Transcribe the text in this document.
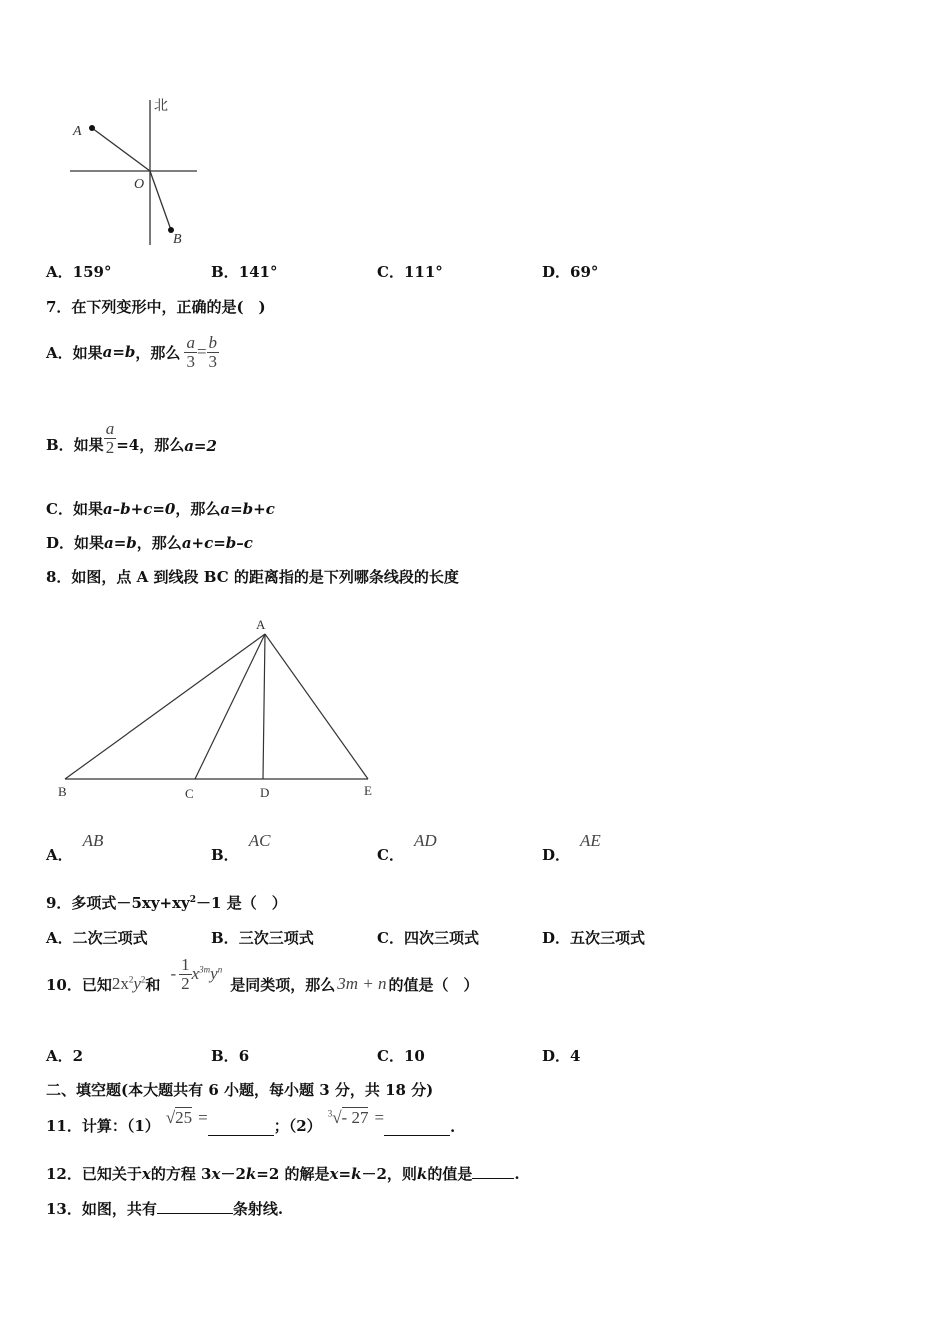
北
A
O
B
A．159°	B．141°	C．111°	D．69°
7．在下列变形中，正确的是(　)
A．如果 a=b ，那么 $\frac{a}{3} = \frac{b}{3}$
B．如果 $\frac{a}{2} =4$，那么 a=2
C．如果a–b+c=0，那么a=b+c
D．如果a=b，那么a+c=b–c
8．如图，点 A 到线段 BC 的距离指的是下列哪条线段的长度
A
B	C	D	E
A．
AB
B．
AC
C．
AD
D．
AE
9．多项式$-5xy+xy^2-1$ 是（　）
A．二次三项式	B．三次三项式	C．四次三项式	D．五次三项式
10．已知 $2x^2y^2$ 和
- $\frac{1}{2} x^{3m}y^n$
是同类项，那么 3m + n 的值是（　）
A．2	B．6	C．10	D．4
二、填空题(本大题共有 6 小题，每小题 3 分，共 18 分)
11．计算：（1） √25 =	；（2）
$^3$√- 27 =	.
12．已知关于x的方程 3x－2k=2 的解是x=k－2，则k的值是	.
13．如图，共有	条射线.
